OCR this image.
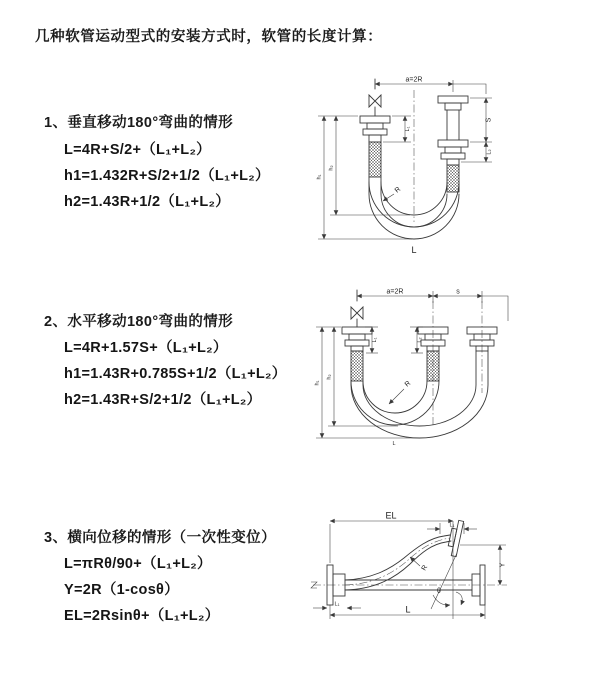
几种软管运动型式的安装方式时，软管的长度计算：
1、垂直移动180°弯曲的情形
L=4R+S/2+（L₁+L₂）
h1=1.432R+S/2+1/2（L₁+L₂）
h2=1.43R+1/2（L₁+L₂）
a=2R
L₁
S
L₂
h₁
h₂
R
L
2、水平移动180°弯曲的情形
L=4R+1.57S+（L₁+L₂）
h1=1.43R+0.785S+1/2（L₁+L₂）
h2=1.43R+S/2+1/2（L₁+L₂）
a=2R	s
L₁	L₂
h₁
h₂
R
L
3、横向位移的情形（一次性变位）
L=πRθ/90+（L₁+L₂）
Y=2R（1-cosθ）
EL=2Rsinθ+（L₁+L₂）
EL
L₁
Y
R
θ
L
L₁
